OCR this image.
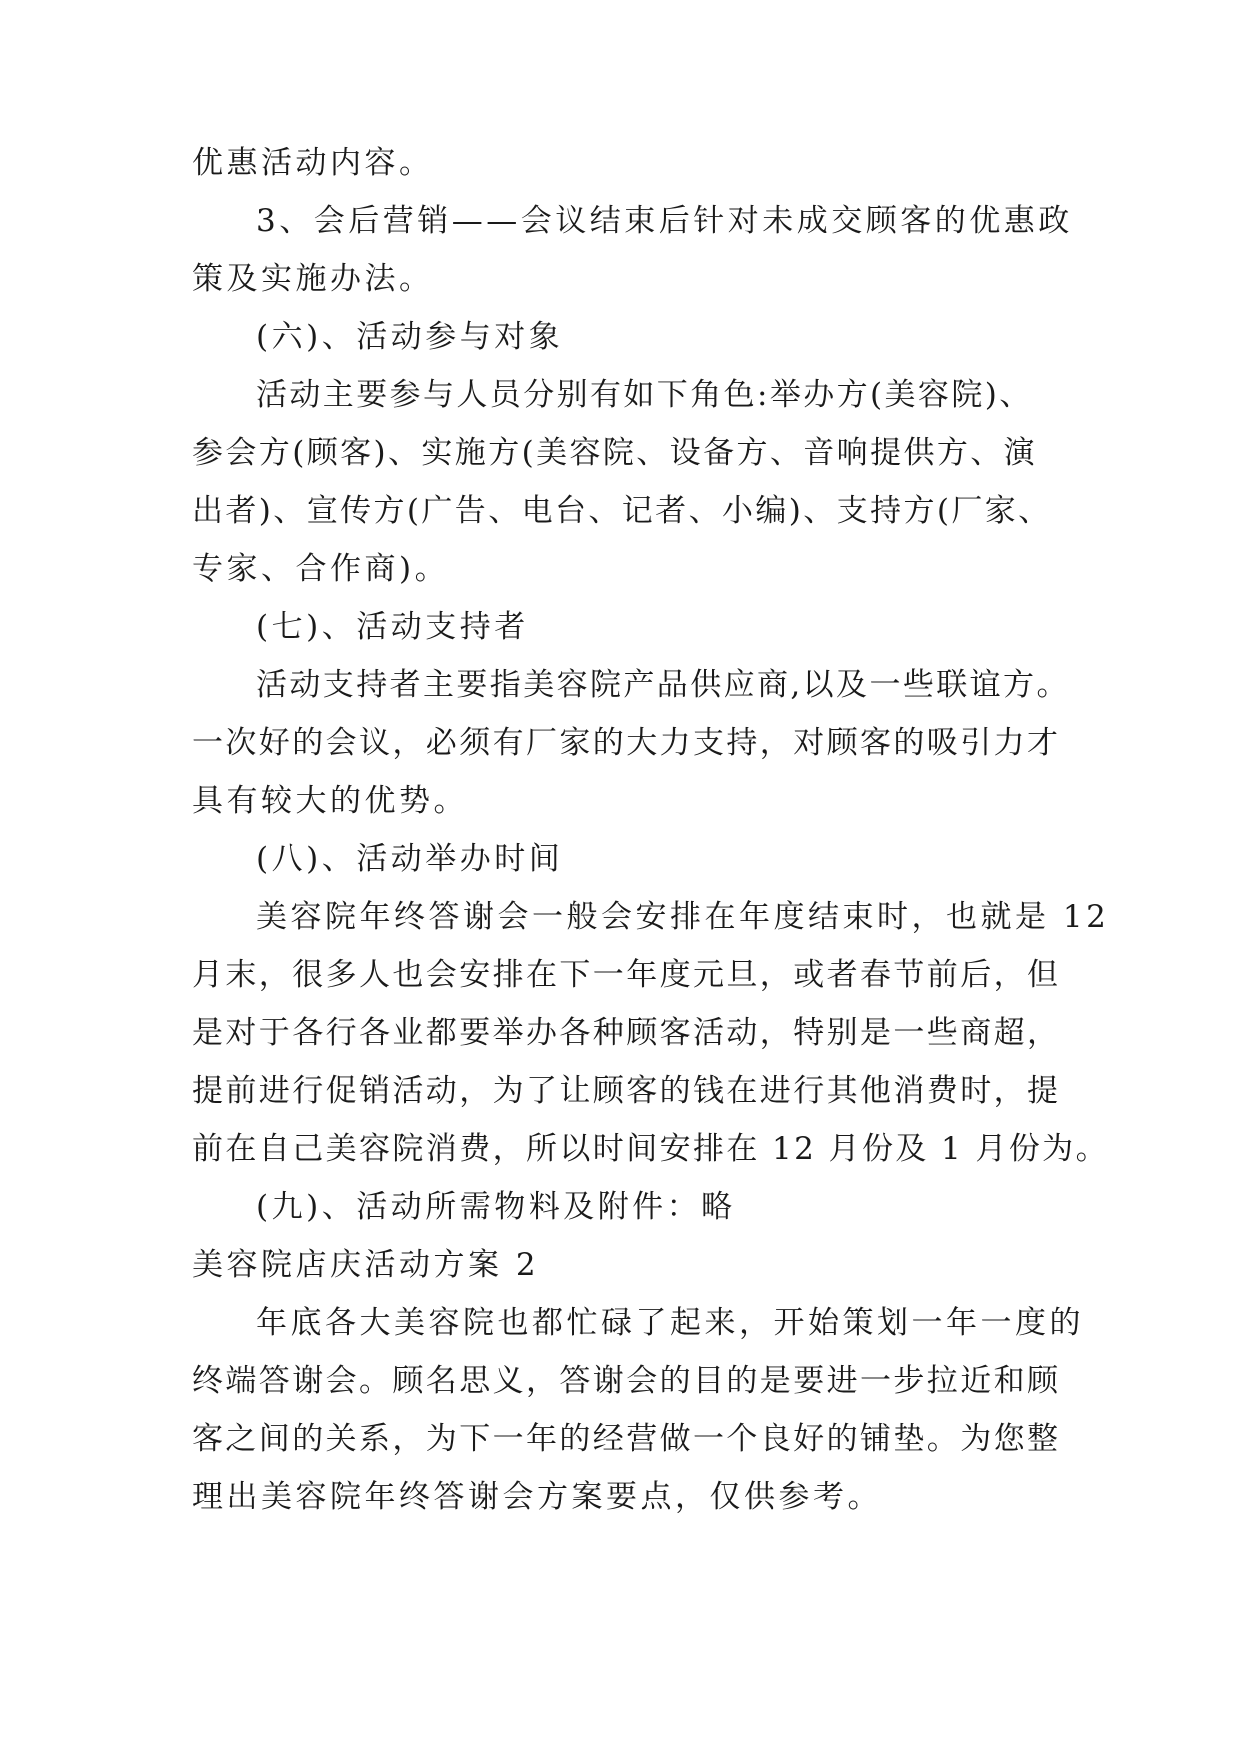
优惠活动内容。
3、会后营销——会议结束后针对未成交顾客的优惠政
策及实施办法。
(六)、活动参与对象
活动主要参与人员分别有如下角色:举办方(美容院)、
参会方(顾客)、实施方(美容院、设备方、音响提供方、演
出者)、宣传方(广告、电台、记者、小编)、支持方(厂家、
专家、合作商)。
(七)、活动支持者
活动支持者主要指美容院产品供应商,以及一些联谊方。
一次好的会议，必须有厂家的大力支持，对顾客的吸引力才
具有较大的优势。
(八)、活动举办时间
美容院年终答谢会一般会安排在年度结束时，也就是 12
月末，很多人也会安排在下一年度元旦，或者春节前后，但
是对于各行各业都要举办各种顾客活动，特别是一些商超，
提前进行促销活动，为了让顾客的钱在进行其他消费时，提
前在自己美容院消费，所以时间安排在 12 月份及 1 月份为。
(九)、活动所需物料及附件：略
美容院店庆活动方案 2
年底各大美容院也都忙碌了起来，开始策划一年一度的
终端答谢会。顾名思义，答谢会的目的是要进一步拉近和顾
客之间的关系，为下一年的经营做一个良好的铺垫。为您整
理出美容院年终答谢会方案要点，仅供参考。
